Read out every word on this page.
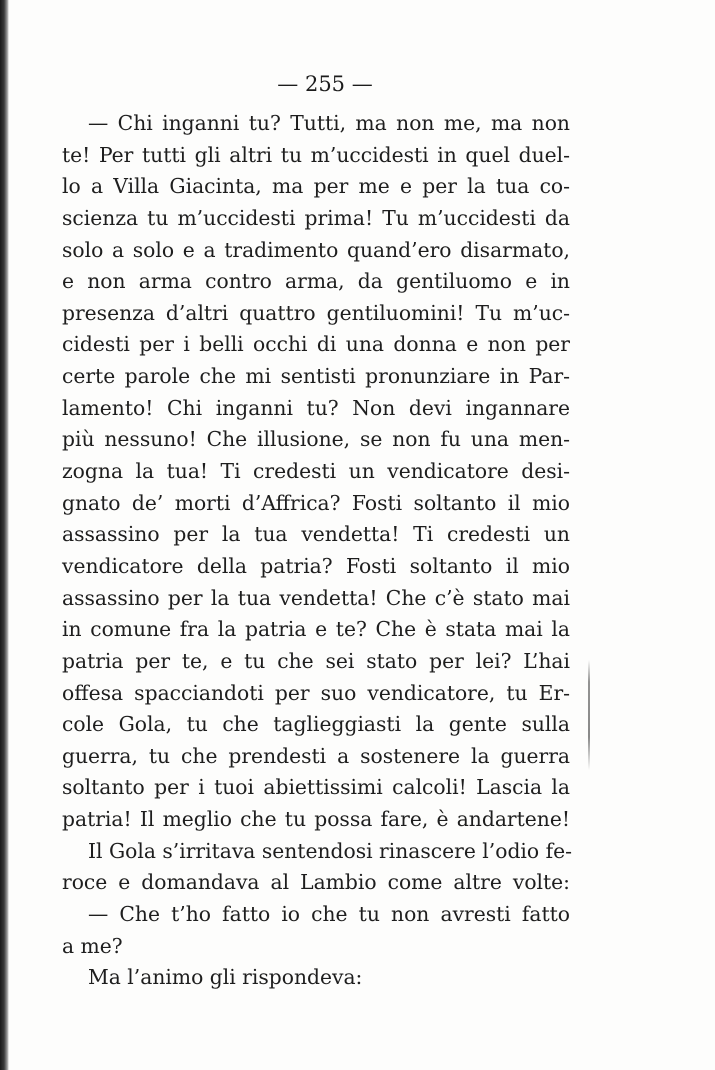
— 255 —
— Chi inganni tu? Tutti, ma non me, ma non
te! Per tutti gli altri tu m’uccidesti in quel duel-
lo a Villa Giacinta, ma per me e per la tua co-
scienza tu m’uccidesti prima! Tu m’uccidesti da
solo a solo e a tradimento quand’ero disarmato,
e non arma contro arma, da gentiluomo e in
presenza d’altri quattro gentiluomini! Tu m’uc-
cidesti per i belli occhi di una donna e non per
certe parole che mi sentisti pronunziare in Par-
lamento! Chi inganni tu? Non devi ingannare
più nessuno! Che illusione, se non fu una men-
zogna la tua! Ti credesti un vendicatore desi-
gnato de’ morti d’Affrica? Fosti soltanto il mio
assassino per la tua vendetta! Ti credesti un
vendicatore della patria? Fosti soltanto il mio
assassino per la tua vendetta! Che c’è stato mai
in comune fra la patria e te? Che è stata mai la
patria per te, e tu che sei stato per lei? L’hai
offesa spacciandoti per suo vendicatore, tu Er-
cole Gola, tu che taglieggiasti la gente sulla
guerra, tu che prendesti a sostenere la guerra
soltanto per i tuoi abiettissimi calcoli! Lascia la
patria! Il meglio che tu possa fare, è andartene!
Il Gola s’irritava sentendosi rinascere l’odio fe-
roce e domandava al Lambio come altre volte:
— Che t’ho fatto io che tu non avresti fatto
a me?
Ma l’animo gli rispondeva:
